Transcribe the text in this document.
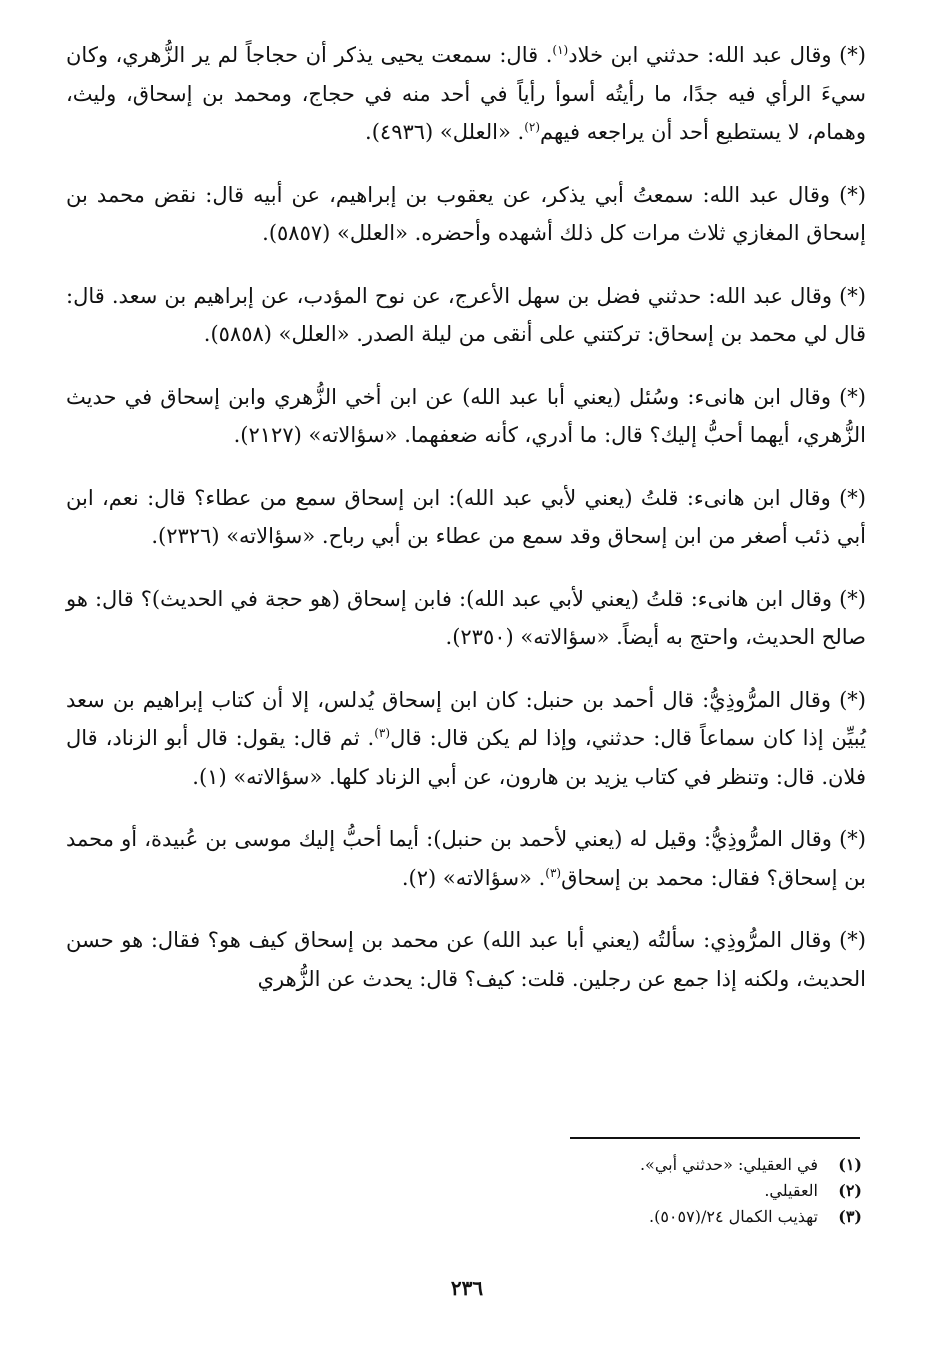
(*) وقال عبد الله: حدثني ابن خلاد$^{(١)}$. قال: سمعت يحيى يذكر أن حجاجاً لم ير الزُّهري، وكان سيءَ الرأي فيه جدًا، ما رأيتُه أسوأ رأياً في أحد منه في حجاج، ومحمد بن إسحاق، وليث، وهمام، لا يستطيع أحد أن يراجعه فيهم$^{(٢)}$. «العلل» (٤٩٣٦).

(*) وقال عبد الله: سمعتُ أبي يذكر، عن يعقوب بن إبراهيم، عن أبيه قال: نقض محمد بن إسحاق المغازي ثلاث مرات كل ذلك أشهده وأحضره. «العلل» (٥٨٥٧).

(*) وقال عبد الله: حدثني فضل بن سهل الأعرج، عن نوح المؤدب، عن إبراهيم بن سعد. قال: قال لي محمد بن إسحاق: تركتني على أنقى من ليلة الصدر. «العلل» (٥٨٥٨).

(*) وقال ابن هانىء: وسُئل (يعني أبا عبد الله) عن ابن أخي الزُّهري وابن إسحاق في حديث الزُّهري، أيهما أحبُّ إليك؟ قال: ما أدري، كأنه ضعفهما. «سؤالاته» (٢١٢٧).

(*) وقال ابن هانىء: قلتُ (يعني لأبي عبد الله): ابن إسحاق سمع من عطاء؟ قال: نعم، ابن أبي ذئب أصغر من ابن إسحاق وقد سمع من عطاء بن أبي رباح. «سؤالاته» (٢٣٢٦).

(*) وقال ابن هانىء: قلتُ (يعني لأبي عبد الله): فابن إسحاق (هو حجة في الحديث)؟ قال: هو صالح الحديث، واحتج به أيضاً. «سؤالاته» (٢٣٥٠).

(*) وقال المرُّوذِيُّ: قال أحمد بن حنبل: كان ابن إسحاق يُدلس، إلا أن كتاب إبراهيم بن سعد يُبيِّن إذا كان سماعاً قال: حدثني، وإذا لم يكن قال: قال$^{(٣)}$. ثم قال: يقول: قال أبو الزناد، قال فلان. قال: وتنظر في كتاب يزيد بن هارون، عن أبي الزناد كلها. «سؤالاته» (١).

(*) وقال المرُّوذِيُّ: وقيل له (يعني لأحمد بن حنبل): أيما أحبُّ إليك موسى بن عُبيدة، أو محمد بن إسحاق؟ فقال: محمد بن إسحاق$^{(٣)}$. «سؤالاته» (٢).

(*) وقال المرُّوذِي: سألتُه (يعني أبا عبد الله) عن محمد بن إسحاق كيف هو؟ فقال: هو حسن الحديث، ولكنه إذا جمع عن رجلين. قلت: كيف؟ قال: يحدث عن الزُّهري

(١)
في العقيلي: «حدثني أبي».
(٢)
العقيلي.
(٣)
تهذيب الكمال ٢٤/(٥٠٥٧).
٢٣٦
